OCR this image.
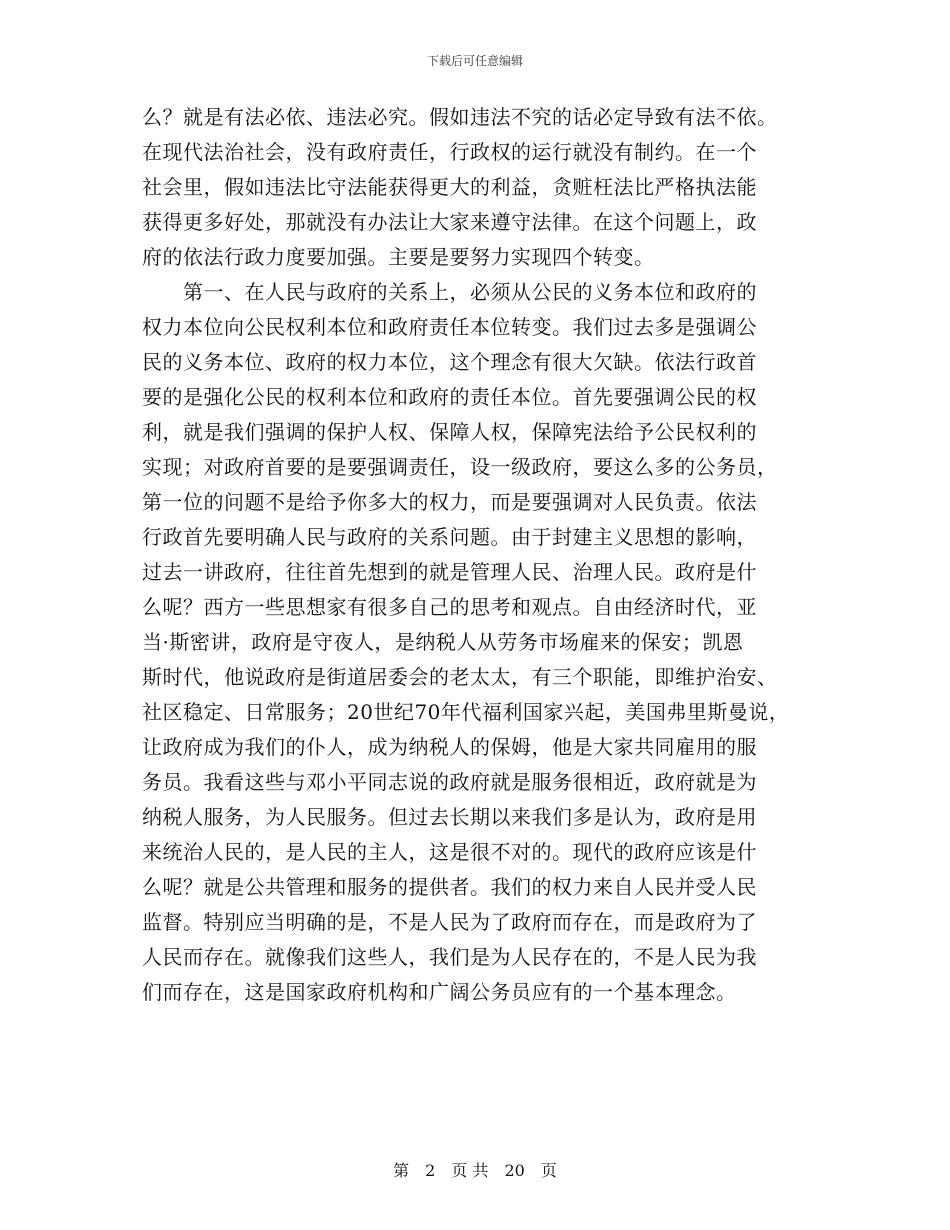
下载后可任意编辑
么？就是有法必依、违法必究。假如违法不究的话必定导致有法不依。
在现代法治社会，没有政府责任，行政权的运行就没有制约。在一个
社会里，假如违法比守法能获得更大的利益，贪赃枉法比严格执法能
获得更多好处，那就没有办法让大家来遵守法律。在这个问题上，政
府的依法行政力度要加强。主要是要努力实现四个转变。
　　第一、在人民与政府的关系上，必须从公民的义务本位和政府的
权力本位向公民权利本位和政府责任本位转变。我们过去多是强调公
民的义务本位、政府的权力本位，这个理念有很大欠缺。依法行政首
要的是强化公民的权利本位和政府的责任本位。首先要强调公民的权
利，就是我们强调的保护人权、保障人权，保障宪法给予公民权利的
实现；对政府首要的是要强调责任，设一级政府，要这么多的公务员，
第一位的问题不是给予你多大的权力，而是要强调对人民负责。依法
行政首先要明确人民与政府的关系问题。由于封建主义思想的影响，
过去一讲政府，往往首先想到的就是管理人民、治理人民。政府是什
么呢？西方一些思想家有很多自己的思考和观点。自由经济时代，亚
当·斯密讲，政府是守夜人，是纳税人从劳务市场雇来的保安；凯恩
斯时代，他说政府是街道居委会的老太太，有三个职能，即维护治安、
社区稳定、日常服务；20世纪70年代福利国家兴起，美国弗里斯曼说，
让政府成为我们的仆人，成为纳税人的保姆，他是大家共同雇用的服
务员。我看这些与邓小平同志说的政府就是服务很相近，政府就是为
纳税人服务，为人民服务。但过去长期以来我们多是认为，政府是用
来统治人民的，是人民的主人，这是很不对的。现代的政府应该是什
么呢？就是公共管理和服务的提供者。我们的权力来自人民并受人民
监督。特别应当明确的是，不是人民为了政府而存在，而是政府为了
人民而存在。就像我们这些人，我们是为人民存在的，不是人民为我
们而存在，这是国家政府机构和广阔公务员应有的一个基本理念。
第 2 页 共 20 页
